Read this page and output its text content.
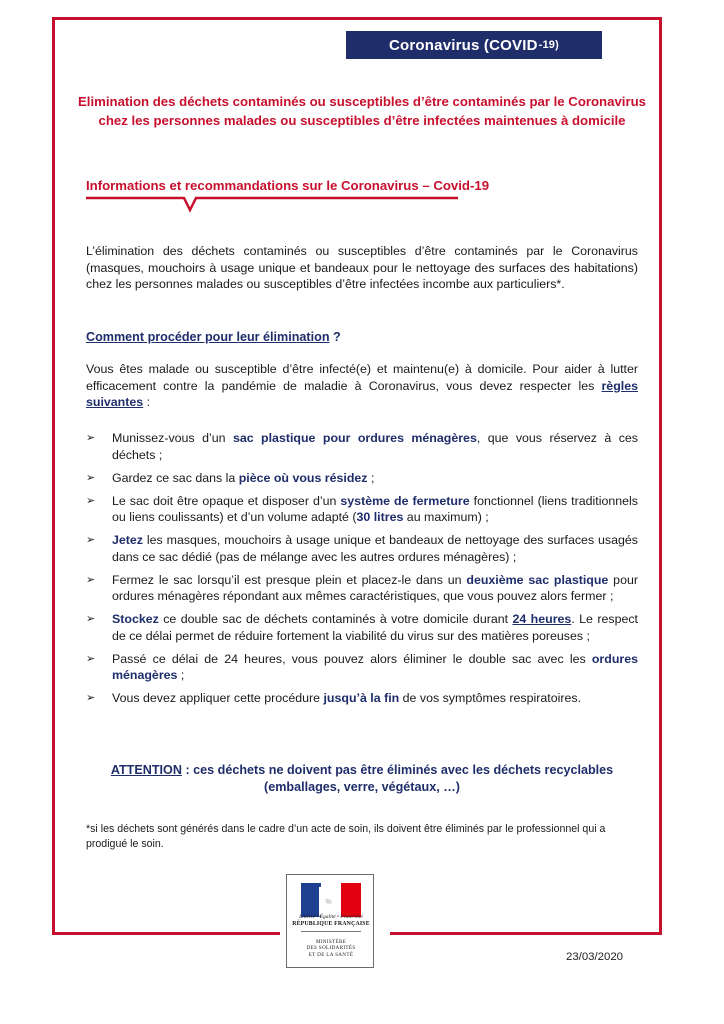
Coronavirus (COVID -19)
Elimination des déchets contaminés ou susceptibles d’être contaminés par le Coronavirus chez les personnes malades ou susceptibles d’être infectées maintenues à domicile
Informations et recommandations sur le Coronavirus – Covid-19

L’élimination des déchets contaminés ou susceptibles d’être contaminés par le Coronavirus (masques, mouchoirs à usage unique et bandeaux pour le nettoyage des surfaces des habitations) chez les personnes malades ou susceptibles d’être infectées incombe aux particuliers*.

Comment procéder pour leur élimination ?

Vous êtes malade ou susceptible d’être infecté(e) et maintenu(e) à domicile. Pour aider à lutter efficacement contre la pandémie de maladie à Coronavirus, vous devez respecter les règles suivantes :

➢ Munissez-vous d’un sac plastique pour ordures ménagères, que vous réservez à ces déchets ;
➢ Gardez ce sac dans la pièce où vous résidez ;
➢ Le sac doit être opaque et disposer d’un système de fermeture fonctionnel (liens traditionnels ou liens coulissants) et d’un volume adapté (30 litres au maximum) ;
➢ Jetez les masques, mouchoirs à usage unique et bandeaux de nettoyage des surfaces usagés dans ce sac dédié (pas de mélange avec les autres ordures ménagères) ;
➢ Fermez le sac lorsqu’il est presque plein et placez-le dans un deuxième sac plastique pour ordures ménagères répondant aux mêmes caractéristiques, que vous pouvez alors fermer ;
➢ Stockez ce double sac de déchets contaminés à votre domicile durant 24 heures. Le respect de ce délai permet de réduire fortement la viabilité du virus sur des matières poreuses ;
➢ Passé ce délai de 24 heures, vous pouvez alors éliminer le double sac avec les ordures ménagères ;
➢ Vous devez appliquer cette procédure jusqu’à la fin de vos symptômes respiratoires.
ATTENTION : ces déchets ne doivent pas être éliminés avec les déchets recyclables (emballages, verre, végétaux, …)

*si les déchets sont générés dans le cadre d’un acte de soin, ils doivent être éliminés par le professionnel qui a prodigué le soin.

Liberté • Égalité • Fraternité
RÉPUBLIQUE FRANÇAISE
MINISTÈRE
DES SOLIDARITÉS
ET DE LA SANTÉ	23/03/2020
